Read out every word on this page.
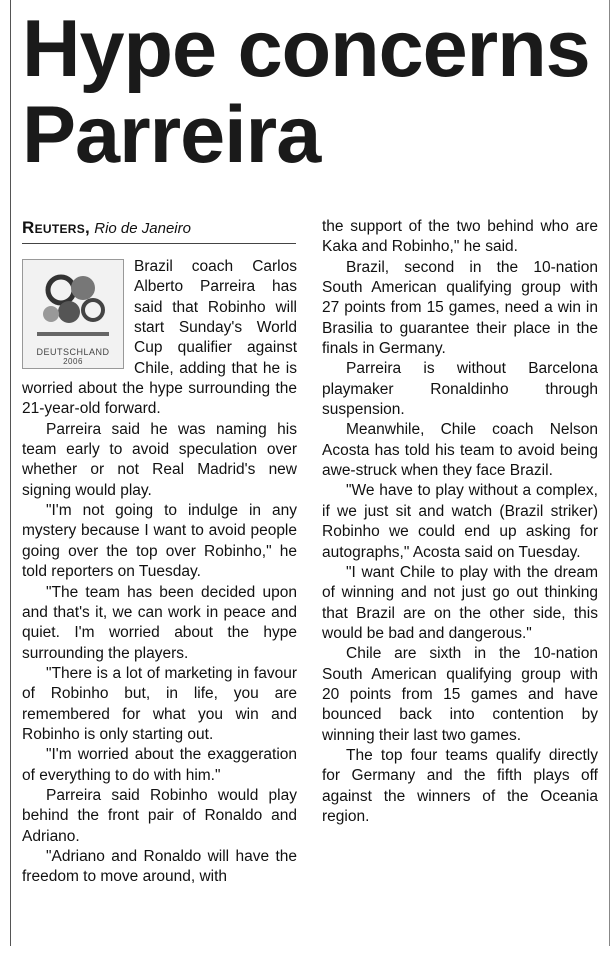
Hype concerns
Parreira
Reuters, Rio de Janeiro
DEUTSCHLAND
2006

Brazil coach Carlos Alberto Parreira has said that Robinho will start Sunday's World Cup qualifier against Chile, adding that he is worried about the hype surrounding the 21-year-old forward.

Parreira said he was naming his team early to avoid speculation over whether or not Real Madrid's new signing would play.

"I'm not going to indulge in any mystery because I want to avoid people going over the top over Robinho," he told reporters on Tuesday.

"The team has been decided upon and that's it, we can work in peace and quiet. I'm worried about the hype surrounding the players.

"There is a lot of marketing in favour of Robinho but, in life, you are remembered for what you win and Robinho is only starting out.

"I'm worried about the exaggeration of everything to do with him."

Parreira said Robinho would play behind the front pair of Ronaldo and Adriano.

"Adriano and Ronaldo will have the freedom to move around, with

the support of the two behind who are Kaka and Robinho," he said.

Brazil, second in the 10-nation South American qualifying group with 27 points from 15 games, need a win in Brasilia to guarantee their place in the finals in Germany.

Parreira is without Barcelona playmaker Ronaldinho through suspension.

Meanwhile, Chile coach Nelson Acosta has told his team to avoid being awe-struck when they face Brazil.

"We have to play without a complex, if we just sit and watch (Brazil striker) Robinho we could end up asking for autographs," Acosta said on Tuesday.

"I want Chile to play with the dream of winning and not just go out thinking that Brazil are on the other side, this would be bad and dangerous."

Chile are sixth in the 10-nation South American qualifying group with 20 points from 15 games and have bounced back into contention by winning their last two games.

The top four teams qualify directly for Germany and the fifth plays off against the winners of the Oceania region.
